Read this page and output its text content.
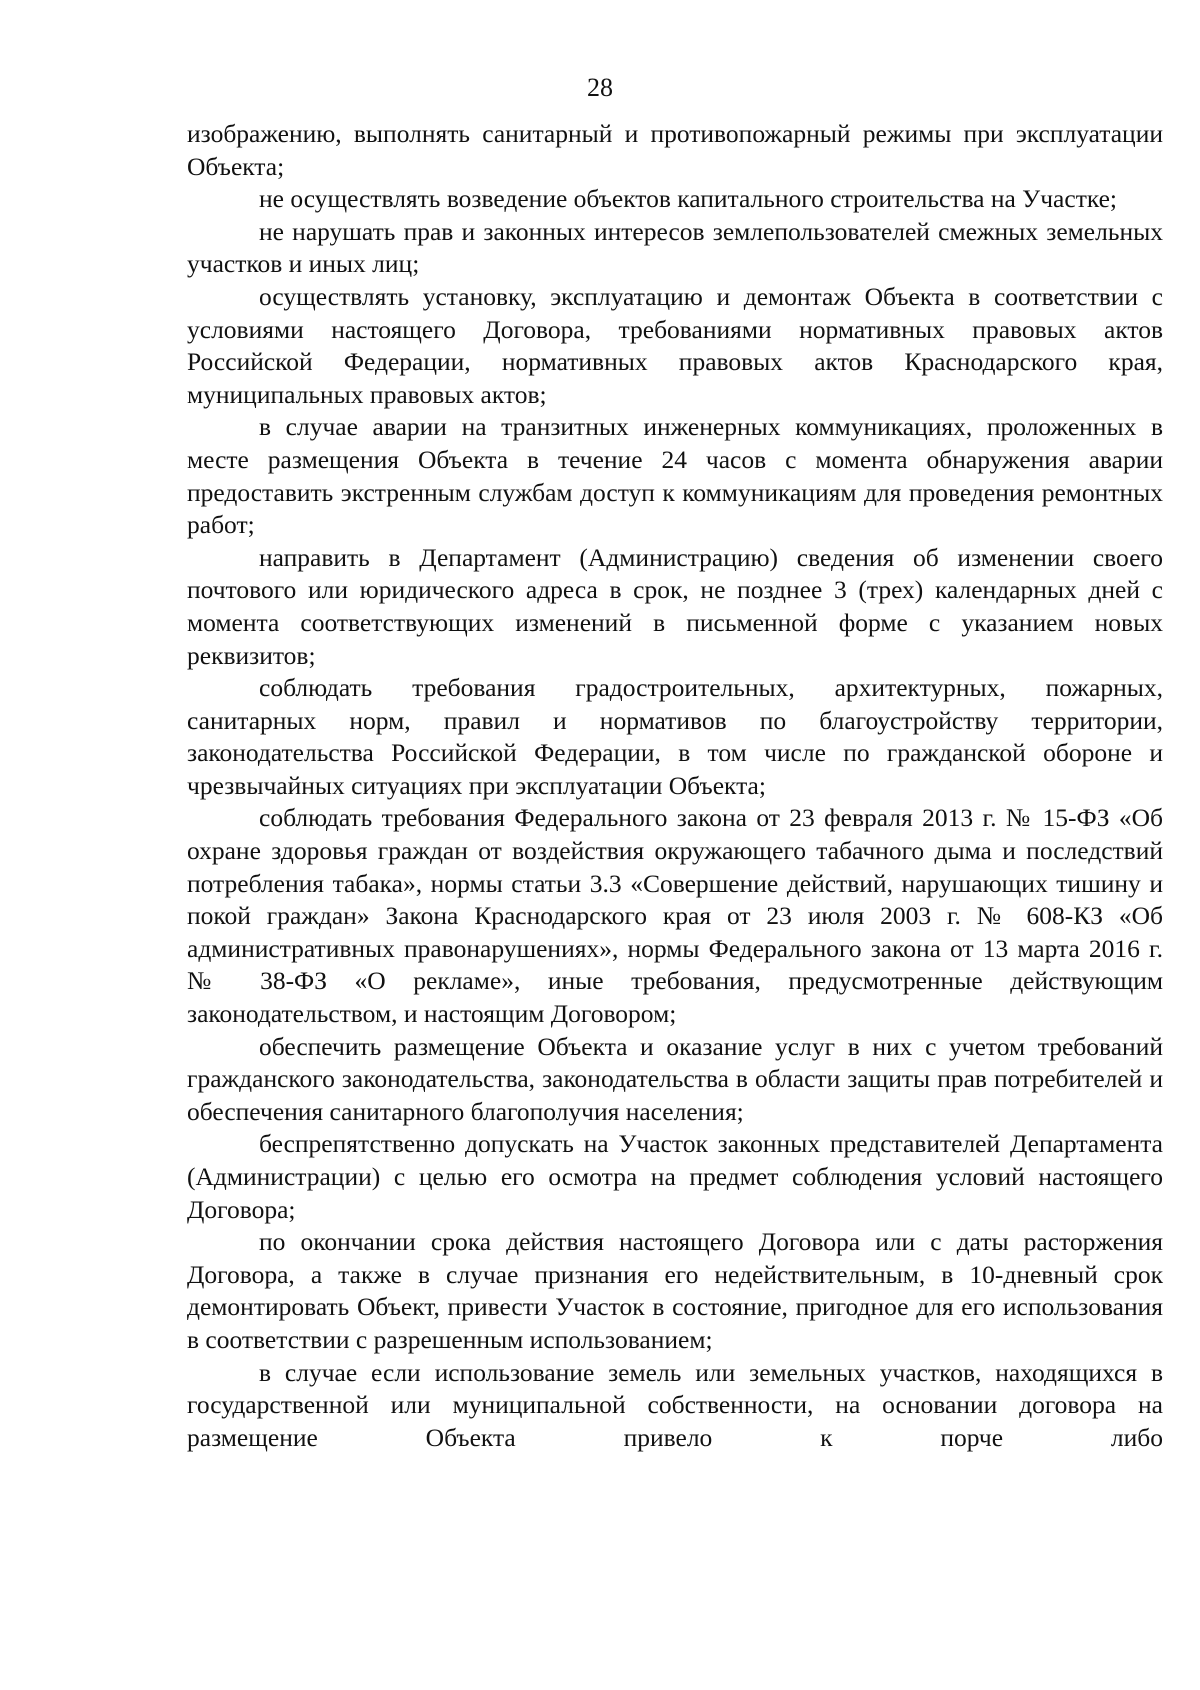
28

изображению, выполнять санитарный и противопожарный режимы при эксплуатации Объекта;

не осуществлять возведение объектов капитального строительства на Участке;

не нарушать прав и законных интересов землепользователей смежных земельных участков и иных лиц;

осуществлять установку, эксплуатацию и демонтаж Объекта в соответствии с условиями настоящего Договора, требованиями нормативных правовых актов Российской Федерации, нормативных правовых актов Краснодарского края, муниципальных правовых актов;

в случае аварии на транзитных инженерных коммуникациях, проложенных в месте размещения Объекта в течение 24 часов с момента обнаружения аварии предоставить экстренным службам доступ к коммуникациям для проведения ремонтных работ;

направить в Департамент (Администрацию) сведения об изменении своего почтового или юридического адреса в срок, не позднее 3 (трех) календарных дней с момента соответствующих изменений в письменной форме с указанием новых реквизитов;

соблюдать требования градостроительных, архитектурных, пожарных, санитарных норм, правил и нормативов по благоустройству территории, законодательства Российской Федерации, в том числе по гражданской обороне и чрезвычайных ситуациях при эксплуатации Объекта;

соблюдать требования Федерального закона от 23 февраля 2013 г. № 15-ФЗ «Об охране здоровья граждан от воздействия окружающего табачного дыма и последствий потребления табака», нормы статьи 3.3 «Совершение действий, нарушающих тишину и покой граждан» Закона Краснодарского края от 23 июля 2003 г. № 608-КЗ «Об административных правонарушениях», нормы Федерального закона от 13 марта 2016 г. № 38-ФЗ «О рекламе», иные требования, предусмотренные действующим законодательством, и настоящим Договором;

обеспечить размещение Объекта и оказание услуг в них с учетом требований гражданского законодательства, законодательства в области защиты прав потребителей и обеспечения санитарного благополучия населения;

беспрепятственно допускать на Участок законных представителей Департамента (Администрации) с целью его осмотра на предмет соблюдения условий настоящего Договора;

по окончании срока действия настоящего Договора или с даты расторжения Договора, а также в случае признания его недействительным, в 10-дневный срок демонтировать Объект, привести Участок в состояние, пригодное для его использования в соответствии с разрешенным использованием;

в случае если использование земель или земельных участков, находящихся в государственной или муниципальной собственности, на основании договора на размещение Объекта привело к порче либо
